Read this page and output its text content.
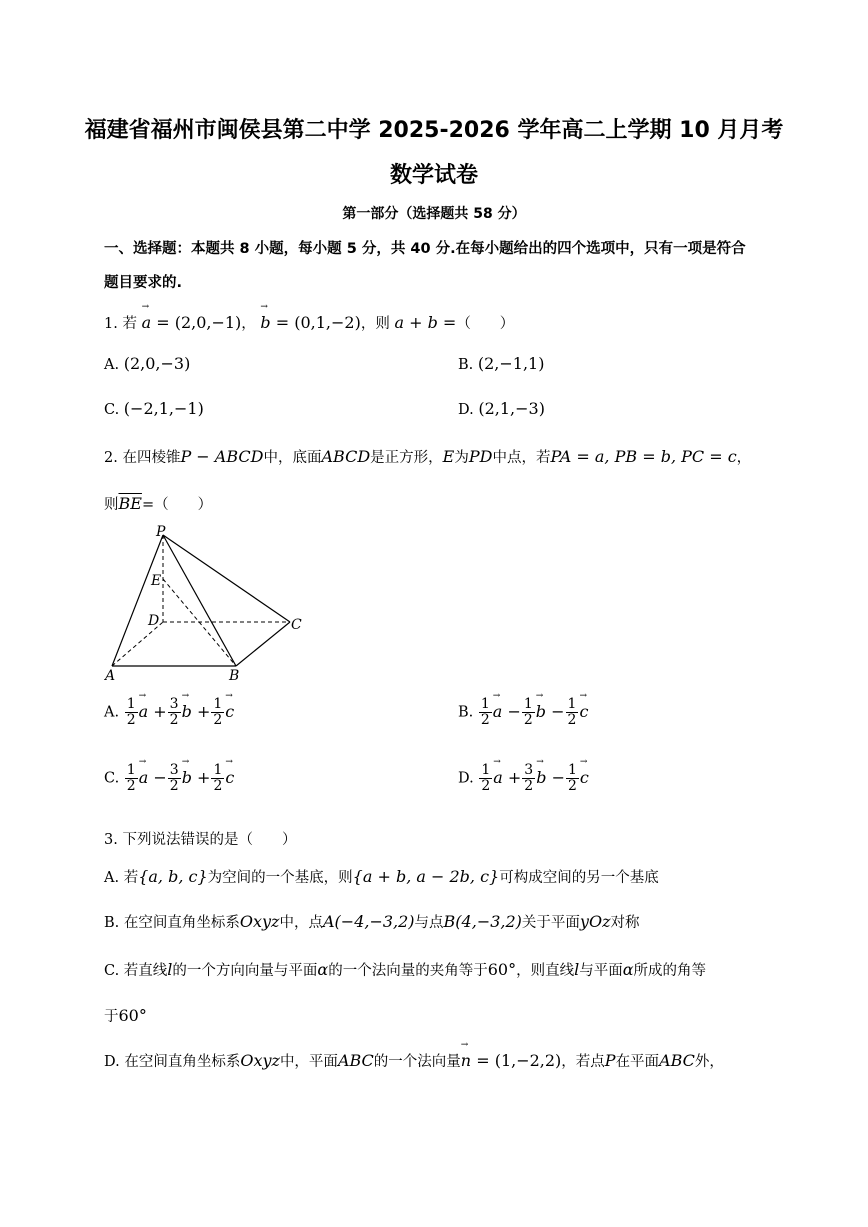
福建省福州市闽侯县第二中学 2025-2026 学年高二上学期 10 月月考
数学试卷
第一部分（选择题共 58 分）
一、选择题：本题共 8 小题，每小题 5 分，共 40 分.在每小题给出的四个选项中，只有一项是符合
题目要求的.
1. 若 → a = (2,0,−1)， → b = (0,1,−2)，则 a + b =（　　）
A. (2,0,−3)	B. (2,−1,1)
C. (−2,1,−1)	D. (2,1,−3)
2. 在四棱锥P − ABCD中，底面ABCD是正方形，E为PD中点，若PA = a, PB = b, PC = c，
则$\overline{BE}=$（　　）
P
E
D	C
A	B
A. $\frac{1}{2} \to a + \frac{3}{2} \to b + \frac{1}{2} \to c$	B. $\frac{1}{2} \to a - \frac{1}{2} \to b - \frac{1}{2} \to c$
C. $\frac{1}{2} \to a - \frac{3}{2} \to b + \frac{1}{2} \to c$	D. $\frac{1}{2} \to a + \frac{3}{2} \to b - \frac{1}{2} \to c$
3. 下列说法错误的是（　　）
A. 若{a, b, c}为空间的一个基底，则{a + b, a − 2b, c}可构成空间的另一个基底
B. 在空间直角坐标系Oxyz中，点A(−4,−3,2)与点B(4,−3,2)关于平面yOz对称
C. 若直线l的一个方向向量与平面α的一个法向量的夹角等于60°，则直线l与平面α所成的角等
于60°
D. 在空间直角坐标系Oxyz中，平面ABC的一个法向量→ n = (1,−2,2)，若点P在平面ABC外，
